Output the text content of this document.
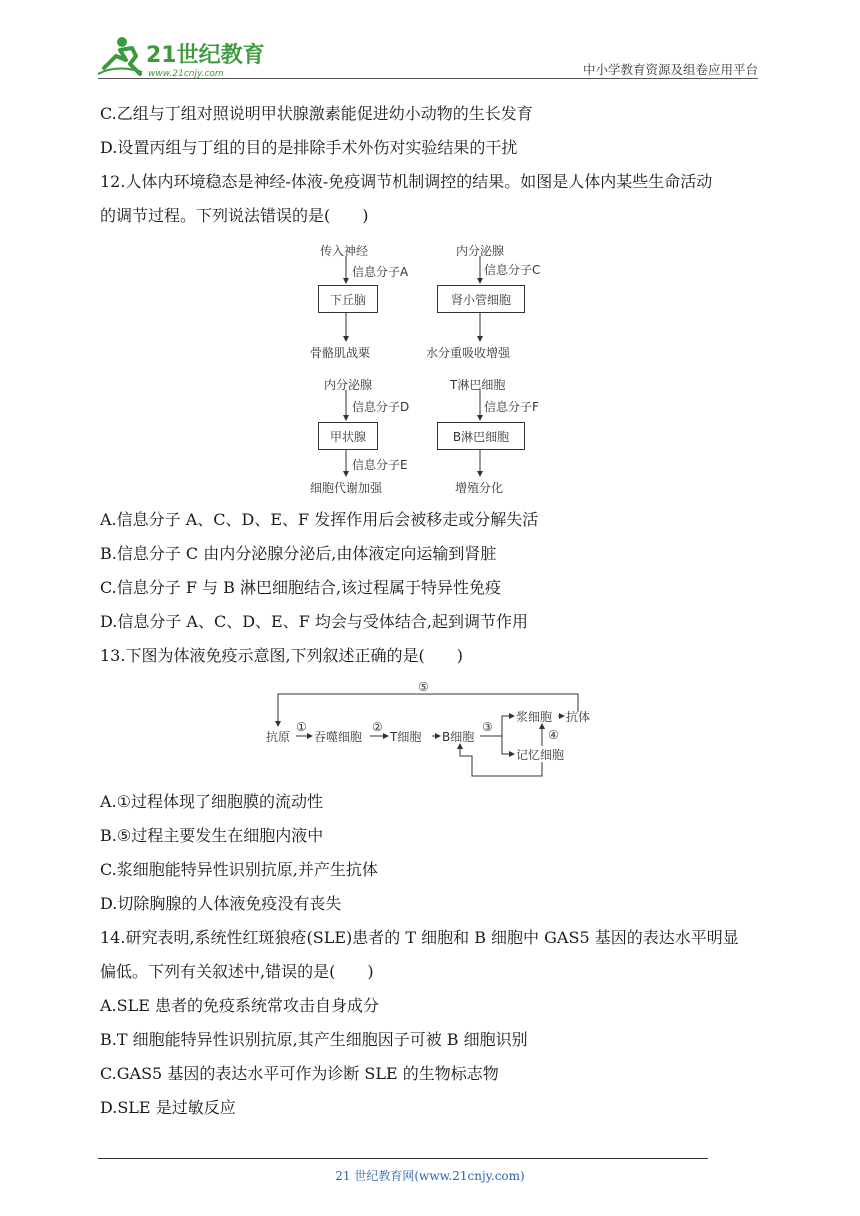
21世纪教育
www.21cnjy.com	中小学教育资源及组卷应用平台
C.乙组与丁组对照说明甲状腺激素能促进幼小动物的生长发育
D.设置丙组与丁组的目的是排除手术外伤对实验结果的干扰
12.人体内环境稳态是神经-体液-免疫调节机制调控的结果。如图是人体内某些生命活动
的调节过程。下列说法错误的是(　　)
传入神经
信息分子A
下丘脑
骨骼肌战栗
内分泌腺
信息分子C
肾小管细胞
水分重吸收增强
内分泌腺
信息分子D
甲状腺
信息分子E
细胞代谢加强
T淋巴细胞
信息分子F
B淋巴细胞
增殖分化
A.信息分子 A、C、D、E、F 发挥作用后会被移走或分解失活
B.信息分子 C 由内分泌腺分泌后,由体液定向运输到肾脏
C.信息分子 F 与 B 淋巴细胞结合,该过程属于特异性免疫
D.信息分子 A、C、D、E、F 均会与受体结合,起到调节作用
13.下图为体液免疫示意图,下列叙述正确的是(　　)
⑤
①	②	③
④
抗原 吞噬细胞 T细胞 B细胞
浆细胞 抗体
记忆细胞
A.①过程体现了细胞膜的流动性
B.⑤过程主要发生在细胞内液中
C.浆细胞能特异性识别抗原,并产生抗体
D.切除胸腺的人体液免疫没有丧失
14.研究表明,系统性红斑狼疮(SLE)患者的 T 细胞和 B 细胞中 GAS5 基因的表达水平明显
偏低。下列有关叙述中,错误的是(　　)
A.SLE 患者的免疫系统常攻击自身成分
B.T 细胞能特异性识别抗原,其产生细胞因子可被 B 细胞识别
C.GAS5 基因的表达水平可作为诊断 SLE 的生物标志物
D.SLE 是过敏反应
21 世纪教育网(www.21cnjy.com)
